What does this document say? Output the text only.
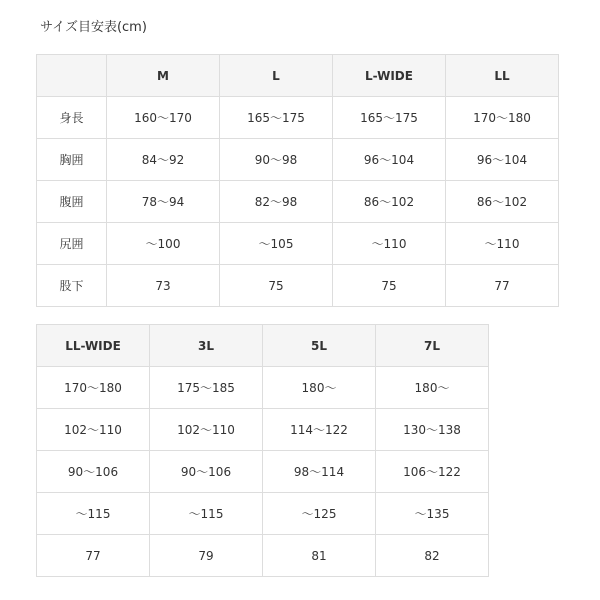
サイズ目安表(cm)
	M	L	L-WIDE	LL
身長	160〜170	165〜175	165〜175	170〜180
胸囲	84〜92	90〜98	96〜104	96〜104
腹囲	78〜94	82〜98	86〜102	86〜102
尻囲	〜100	〜105	〜110	〜110
股下	73	75	75	77
LL-WIDE	3L	5L	7L
170〜180	175〜185	180〜	180〜
102〜110	102〜110	114〜122	130〜138
90〜106	90〜106	98〜114	106〜122
〜115	〜115	〜125	〜135
77	79	81	82
